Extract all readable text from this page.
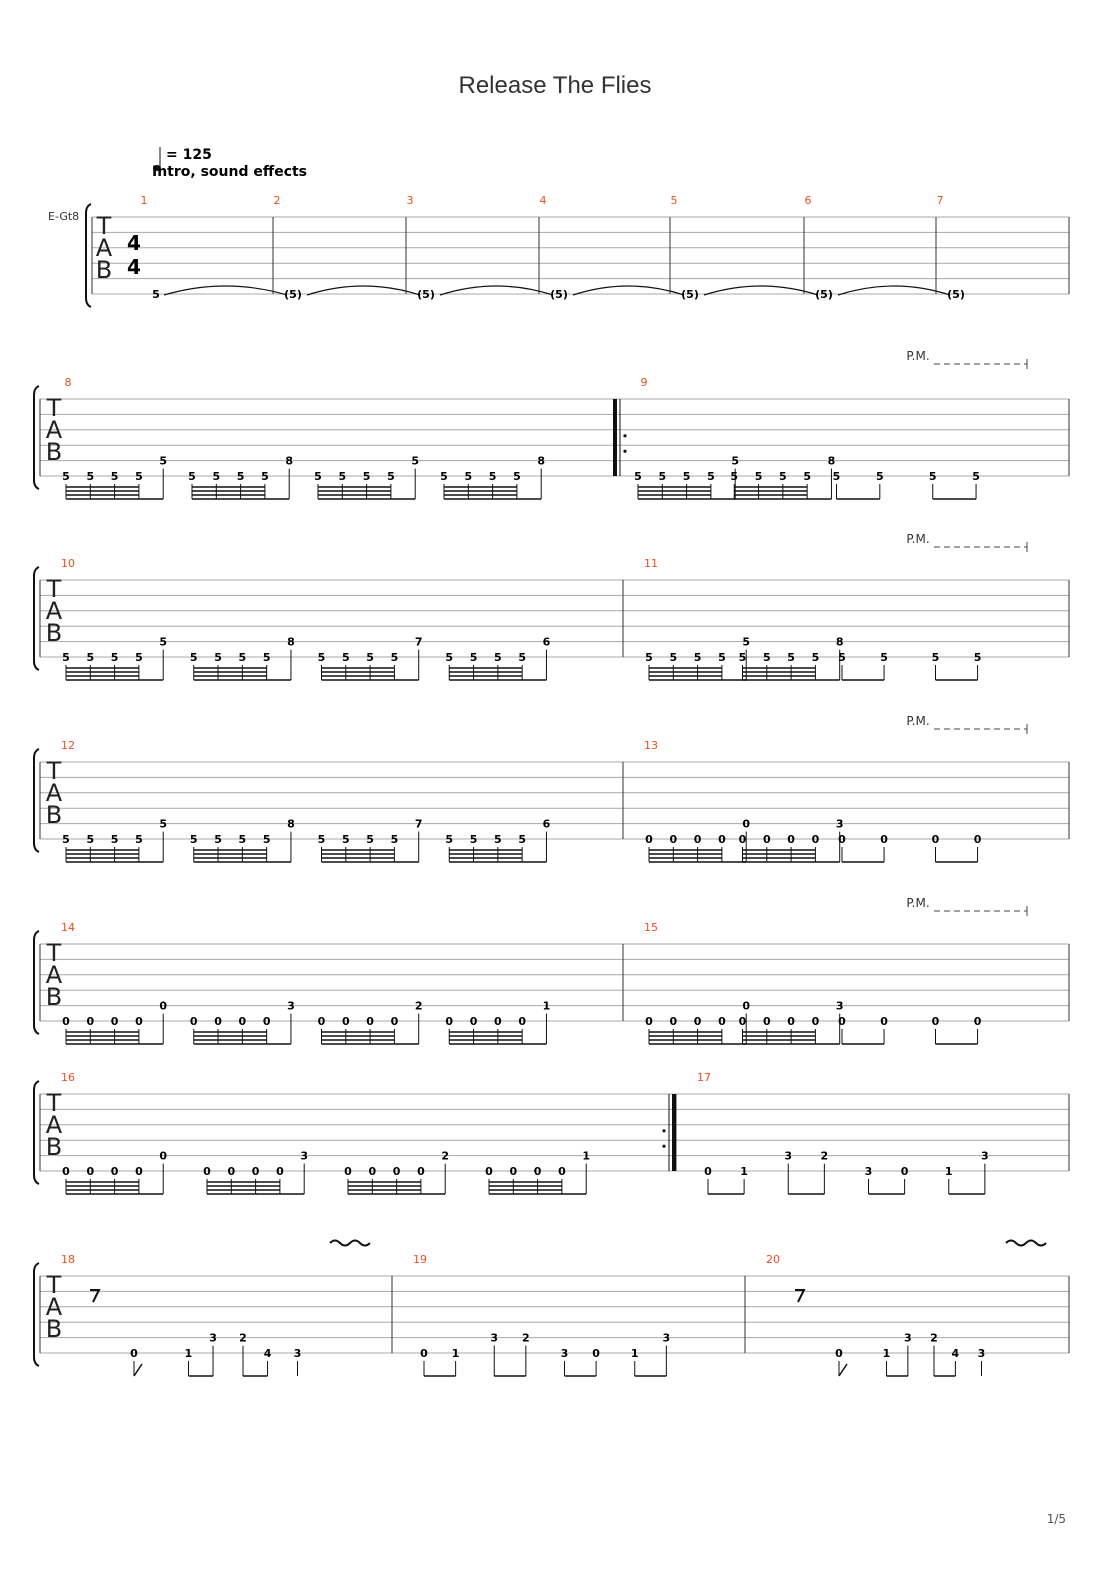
Release The Flies
= 125
Intro, sound effects
E-Gt8 T
A
B
4
4
1
5
2
(5)
3
(5)
4
(5)
5
(5)
6
(5)
7
(5)
T
A
B
P.M.
8
5 5 5 5
5
5 5 5 5
8
5 5 5 5
5
5 5 5 5
8
9
5 5 5 5
5
5 5 5 5
8
5	5	5	5
T
A
B
P.M.
10
5 5 5 5
5
5 5 5 5
8
5 5 5 5
7
5 5 5 5
6
11
5 5 5 5
5
5 5 5 5
8
5	5	5	5
T
A
B
P.M.
12
5 5 5 5
5
5 5 5 5
8
5 5 5 5
7
5 5 5 5
6
13
0 0 0 0
0
0 0 0 0
3
0	0	0	0
T
A
B
P.M.
14
0 0 0 0
0
0 0 0 0
3
0 0 0 0
2
0 0 0 0
1
15
0 0 0 0
0
0 0 0 0
3
0	0	0	0
T
A
B
16
0 0 0 0
0
0 0 0 0
3
0 0 0 0
2
0 0 0 0
1
17
0	1
3	2
3	0	1
3
T
A
B
18
0	1
3 2
4 3
19
0 1
3 2
3 0	1
3
20
0	1
3 2
4 3
1/5
